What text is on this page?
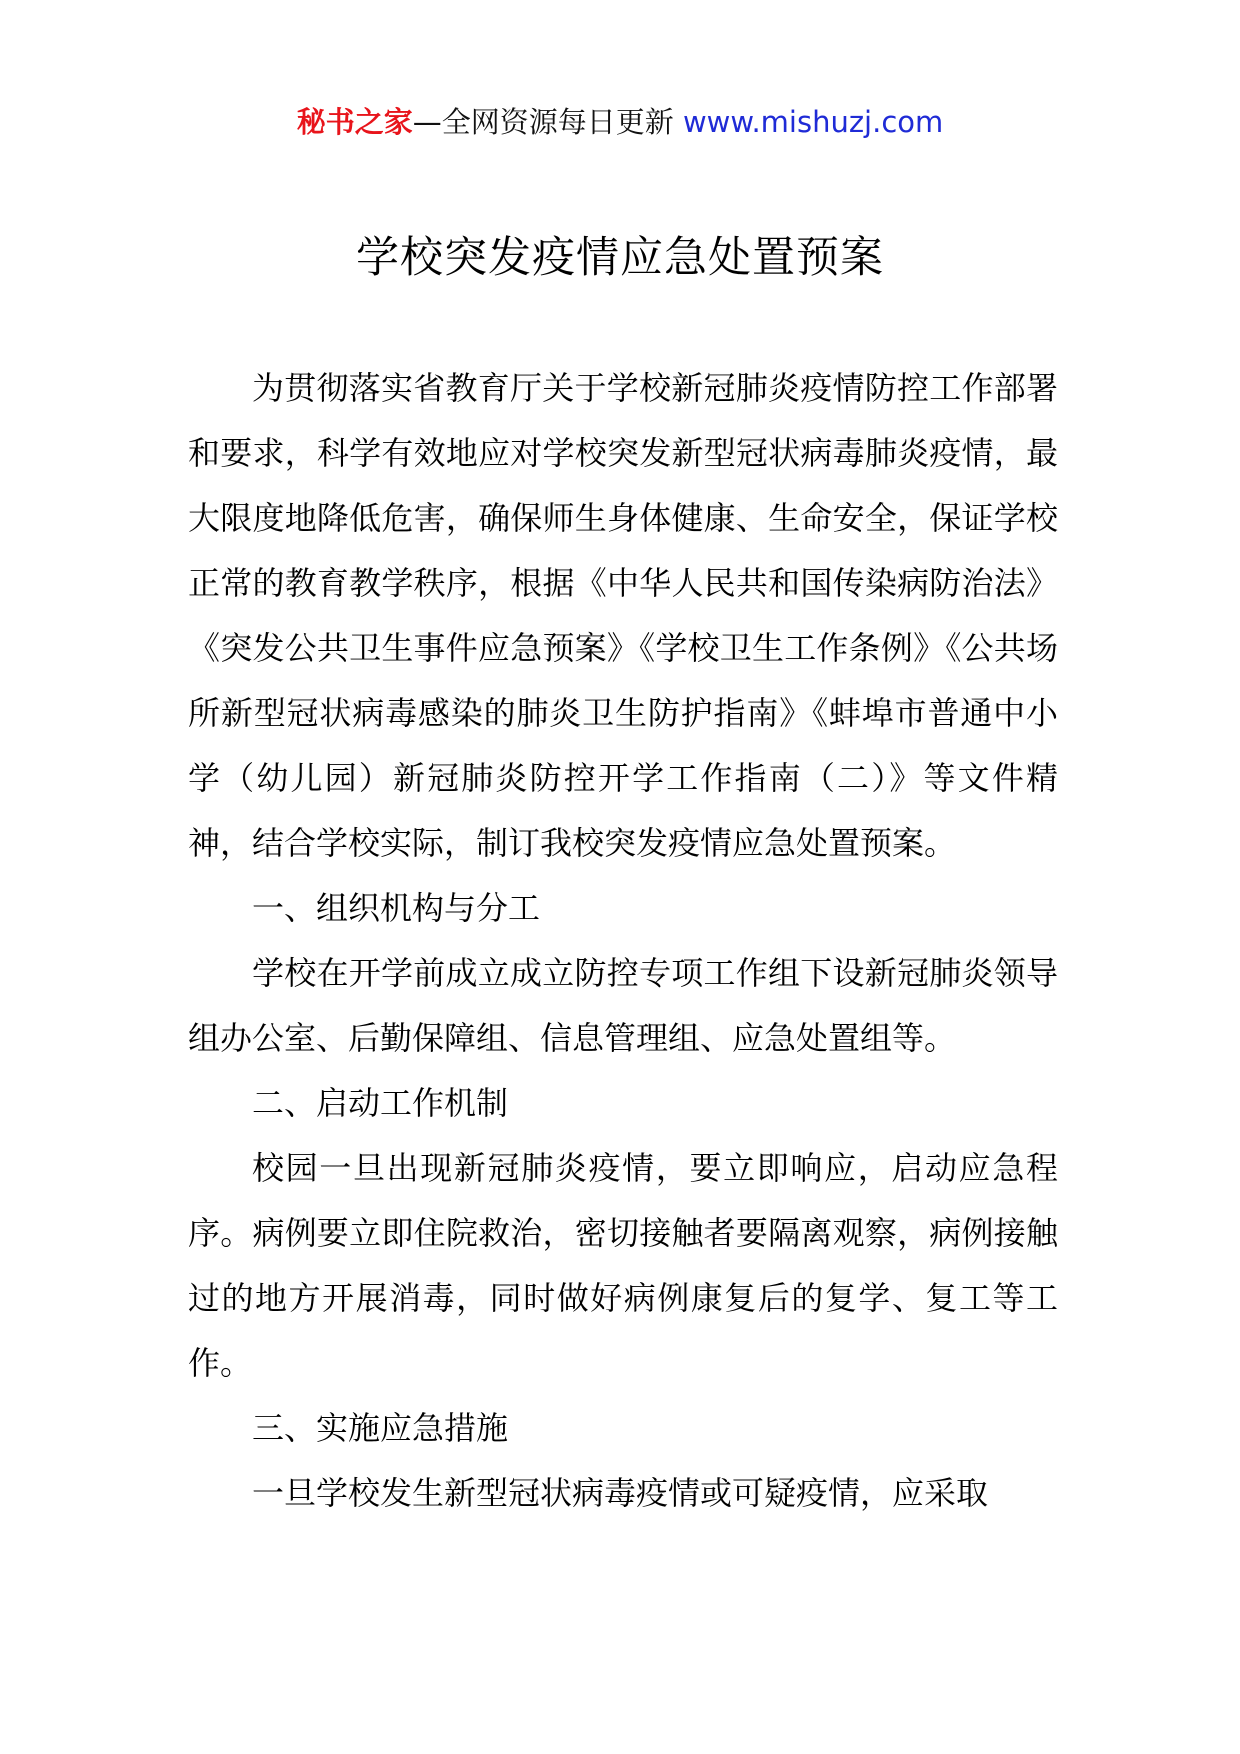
秘书之家—全网资源每日更新 www.mishuzj.com
学校突发疫情应急处置预案

为贯彻落实省教育厅关于学校新冠肺炎疫情防控工作部署和要求，科学有效地应对学校突发新型冠状病毒肺炎疫情，最大限度地降低危害，确保师生身体健康、生命安全，保证学校正常的教育教学秩序，根据《中华人民共和国传染病防治法》《突发公共卫生事件应急预案》《学校卫生工作条例》《公共场所新型冠状病毒感染的肺炎卫生防护指南》《蚌埠市普通中小学（幼儿园）新冠肺炎防控开学工作指南（二）》等文件精神，结合学校实际，制订我校突发疫情应急处置预案。

一、组织机构与分工

学校在开学前成立成立防控专项工作组下设新冠肺炎领导组办公室、后勤保障组、信息管理组、应急处置组等。

二、启动工作机制

校园一旦出现新冠肺炎疫情，要立即响应，启动应急程序。病例要立即住院救治，密切接触者要隔离观察，病例接触过的地方开展消毒，同时做好病例康复后的复学、复工等工作。

三、实施应急措施

一旦学校发生新型冠状病毒疫情或可疑疫情，应采取
